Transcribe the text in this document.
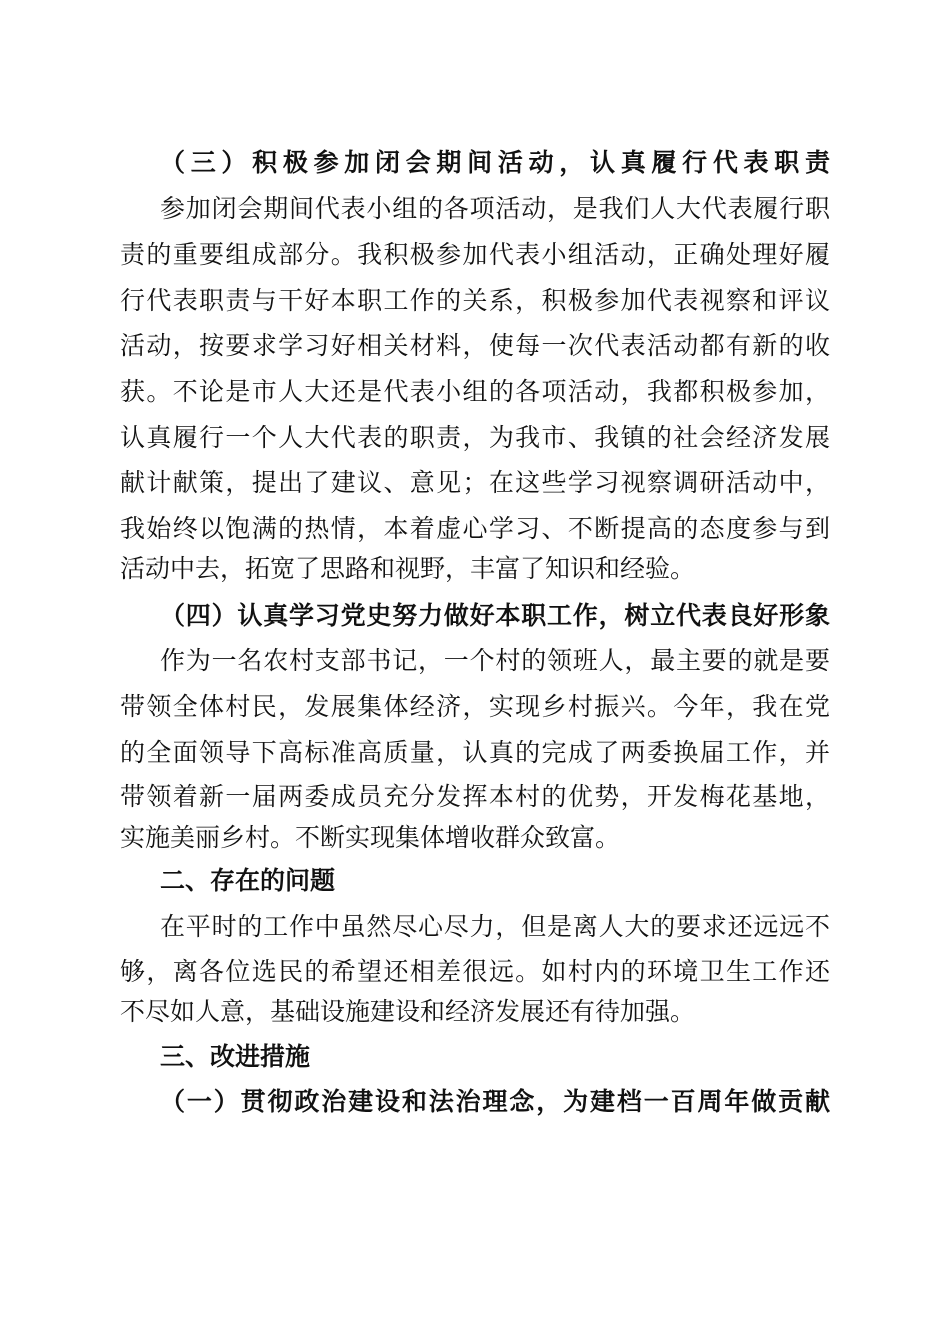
（三）积极参加闭会期间活动，认真履行代表职责
参加闭会期间代表小组的各项活动，是我们人大代表履行职
责的重要组成部分。我积极参加代表小组活动，正确处理好履
行代表职责与干好本职工作的关系，积极参加代表视察和评议
活动，按要求学习好相关材料，使每一次代表活动都有新的收
获。不论是市人大还是代表小组的各项活动，我都积极参加，
认真履行一个人大代表的职责，为我市、我镇的社会经济发展
献计献策，提出了建议、意见；在这些学习视察调研活动中，
我始终以饱满的热情，本着虚心学习、不断提高的态度参与到
活动中去，拓宽了思路和视野，丰富了知识和经验。
（四）认真学习党史努力做好本职工作，树立代表良好形象
作为一名农村支部书记，一个村的领班人，最主要的就是要
带领全体村民，发展集体经济，实现乡村振兴。今年，我在党
的全面领导下高标准高质量，认真的完成了两委换届工作，并
带领着新一届两委成员充分发挥本村的优势，开发梅花基地，
实施美丽乡村。不断实现集体增收群众致富。
二、存在的问题
在平时的工作中虽然尽心尽力，但是离人大的要求还远远不
够，离各位选民的希望还相差很远。如村内的环境卫生工作还
不尽如人意，基础设施建设和经济发展还有待加强。
三、改进措施
（一）贯彻政治建设和法治理念，为建档一百周年做贡献
